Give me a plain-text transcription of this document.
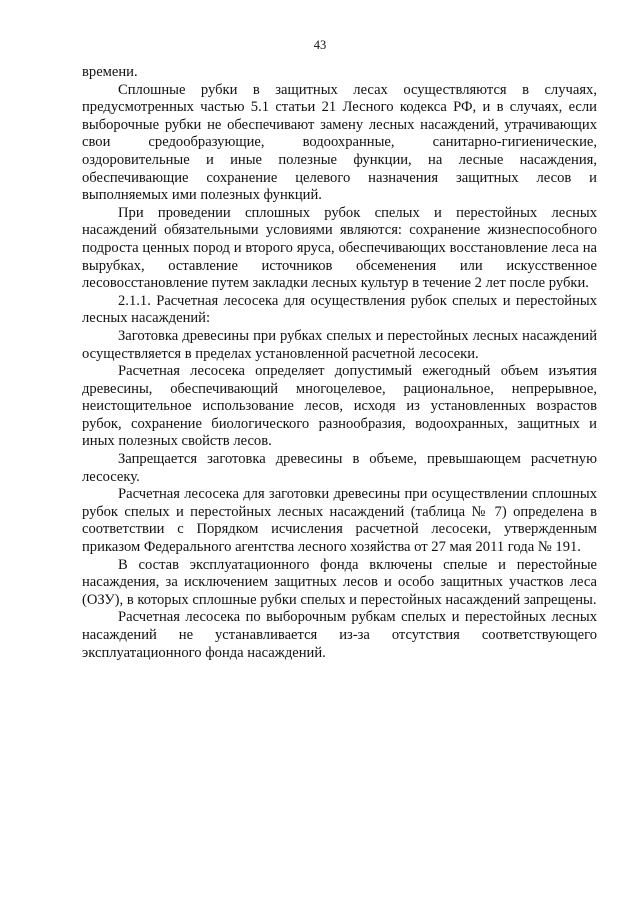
43

времени.

Сплошные рубки в защитных лесах осуществляются в случаях, предусмотренных частью 5.1 статьи 21 Лесного кодекса РФ, и в случаях, если выборочные рубки не обеспечивают замену лесных насаждений, утрачивающих свои средообразующие, водоохранные, санитарно-гигиенические, оздоровительные и иные полезные функции, на лесные насаждения, обеспечивающие сохранение целевого назначения защитных лесов и выполняемых ими полезных функций.

При проведении сплошных рубок спелых и перестойных лесных насаждений обязательными условиями являются: сохранение жизнеспособного подроста ценных пород и второго яруса, обеспечивающих восстановление леса на вырубках, оставление источников обсеменения или искусственное лесовосстановление путем закладки лесных культур в течение 2 лет после рубки.

2.1.1. Расчетная лесосека для осуществления рубок спелых и перестойных лесных насаждений:

Заготовка древесины при рубках спелых и перестойных лесных насаждений осуществляется в пределах установленной расчетной лесосеки.

Расчетная лесосека определяет допустимый ежегодный объем изъятия древесины, обеспечивающий многоцелевое, рациональное, непрерывное, неистощительное использование лесов, исходя из установленных возрастов рубок, сохранение биологического разнообразия, водоохранных, защитных и иных полезных свойств лесов.

Запрещается заготовка древесины в объеме, превышающем расчетную лесосеку.

Расчетная лесосека для заготовки древесины при осуществлении сплошных рубок спелых и перестойных лесных насаждений (таблица № 7) определена в соответствии с Порядком исчисления расчетной лесосеки, утвержденным приказом Федерального агентства лесного хозяйства от 27 мая 2011 года № 191.

В состав эксплуатационного фонда включены спелые и перестойные насаждения, за исключением защитных лесов и особо защитных участков леса (ОЗУ), в которых сплошные рубки спелых и перестойных насаждений запрещены.

Расчетная лесосека по выборочным рубкам спелых и перестойных лесных насаждений не устанавливается из-за отсутствия соответствующего эксплуатационного фонда насаждений.
